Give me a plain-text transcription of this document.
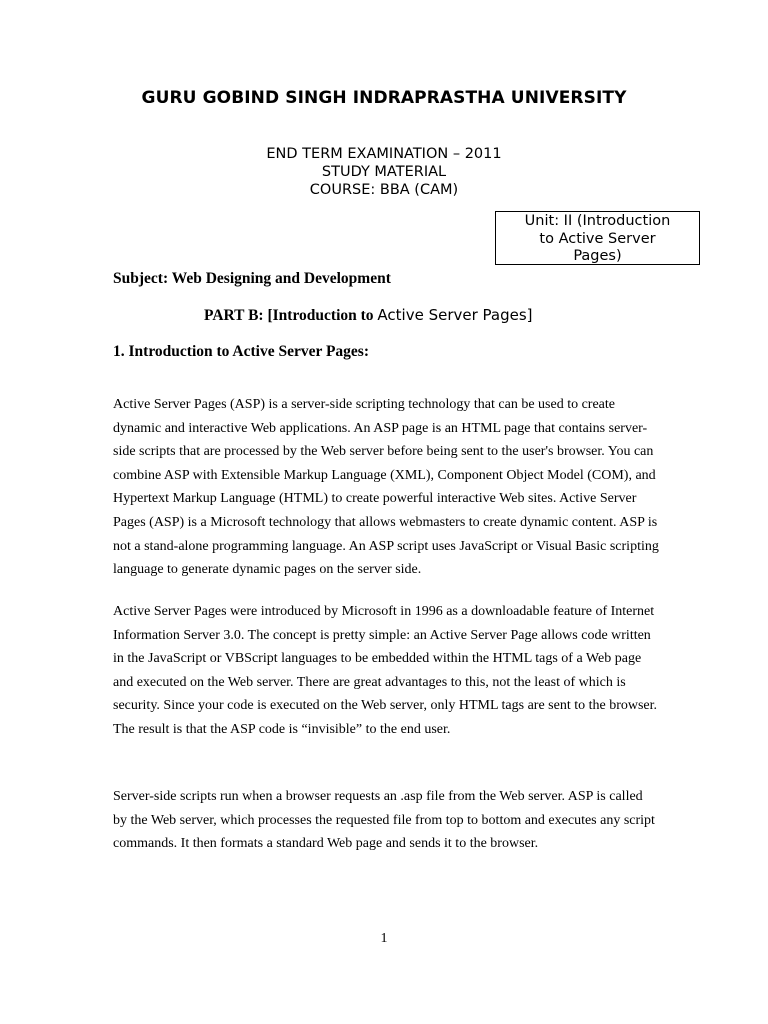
GURU GOBIND SINGH INDRAPRASTHA UNIVERSITY
END TERM EXAMINATION – 2011
STUDY MATERIAL
COURSE: BBA (CAM)
Unit: II (Introduction
to Active Server
Pages)
Subject: Web Designing and Development
PART B: [Introduction to Active Server Pages]
1. Introduction to Active Server Pages:
Active Server Pages (ASP) is a server-side scripting technology that can be used to create
dynamic and interactive Web applications. An ASP page is an HTML page that contains server-
side scripts that are processed by the Web server before being sent to the user's browser. You can
combine ASP with Extensible Markup Language (XML), Component Object Model (COM), and
Hypertext Markup Language (HTML) to create powerful interactive Web sites. Active Server
Pages (ASP) is a Microsoft technology that allows webmasters to create dynamic content. ASP is
not a stand-alone programming language. An ASP script uses JavaScript or Visual Basic scripting
language to generate dynamic pages on the server side.
Active Server Pages were introduced by Microsoft in 1996 as a downloadable feature of Internet
Information Server 3.0. The concept is pretty simple: an Active Server Page allows code written
in the JavaScript or VBScript languages to be embedded within the HTML tags of a Web page
and executed on the Web server. There are great advantages to this, not the least of which is
security. Since your code is executed on the Web server, only HTML tags are sent to the browser.
The result is that the ASP code is “invisible” to the end user.
Server-side scripts run when a browser requests an .asp file from the Web server. ASP is called
by the Web server, which processes the requested file from top to bottom and executes any script
commands. It then formats a standard Web page and sends it to the browser.
1
